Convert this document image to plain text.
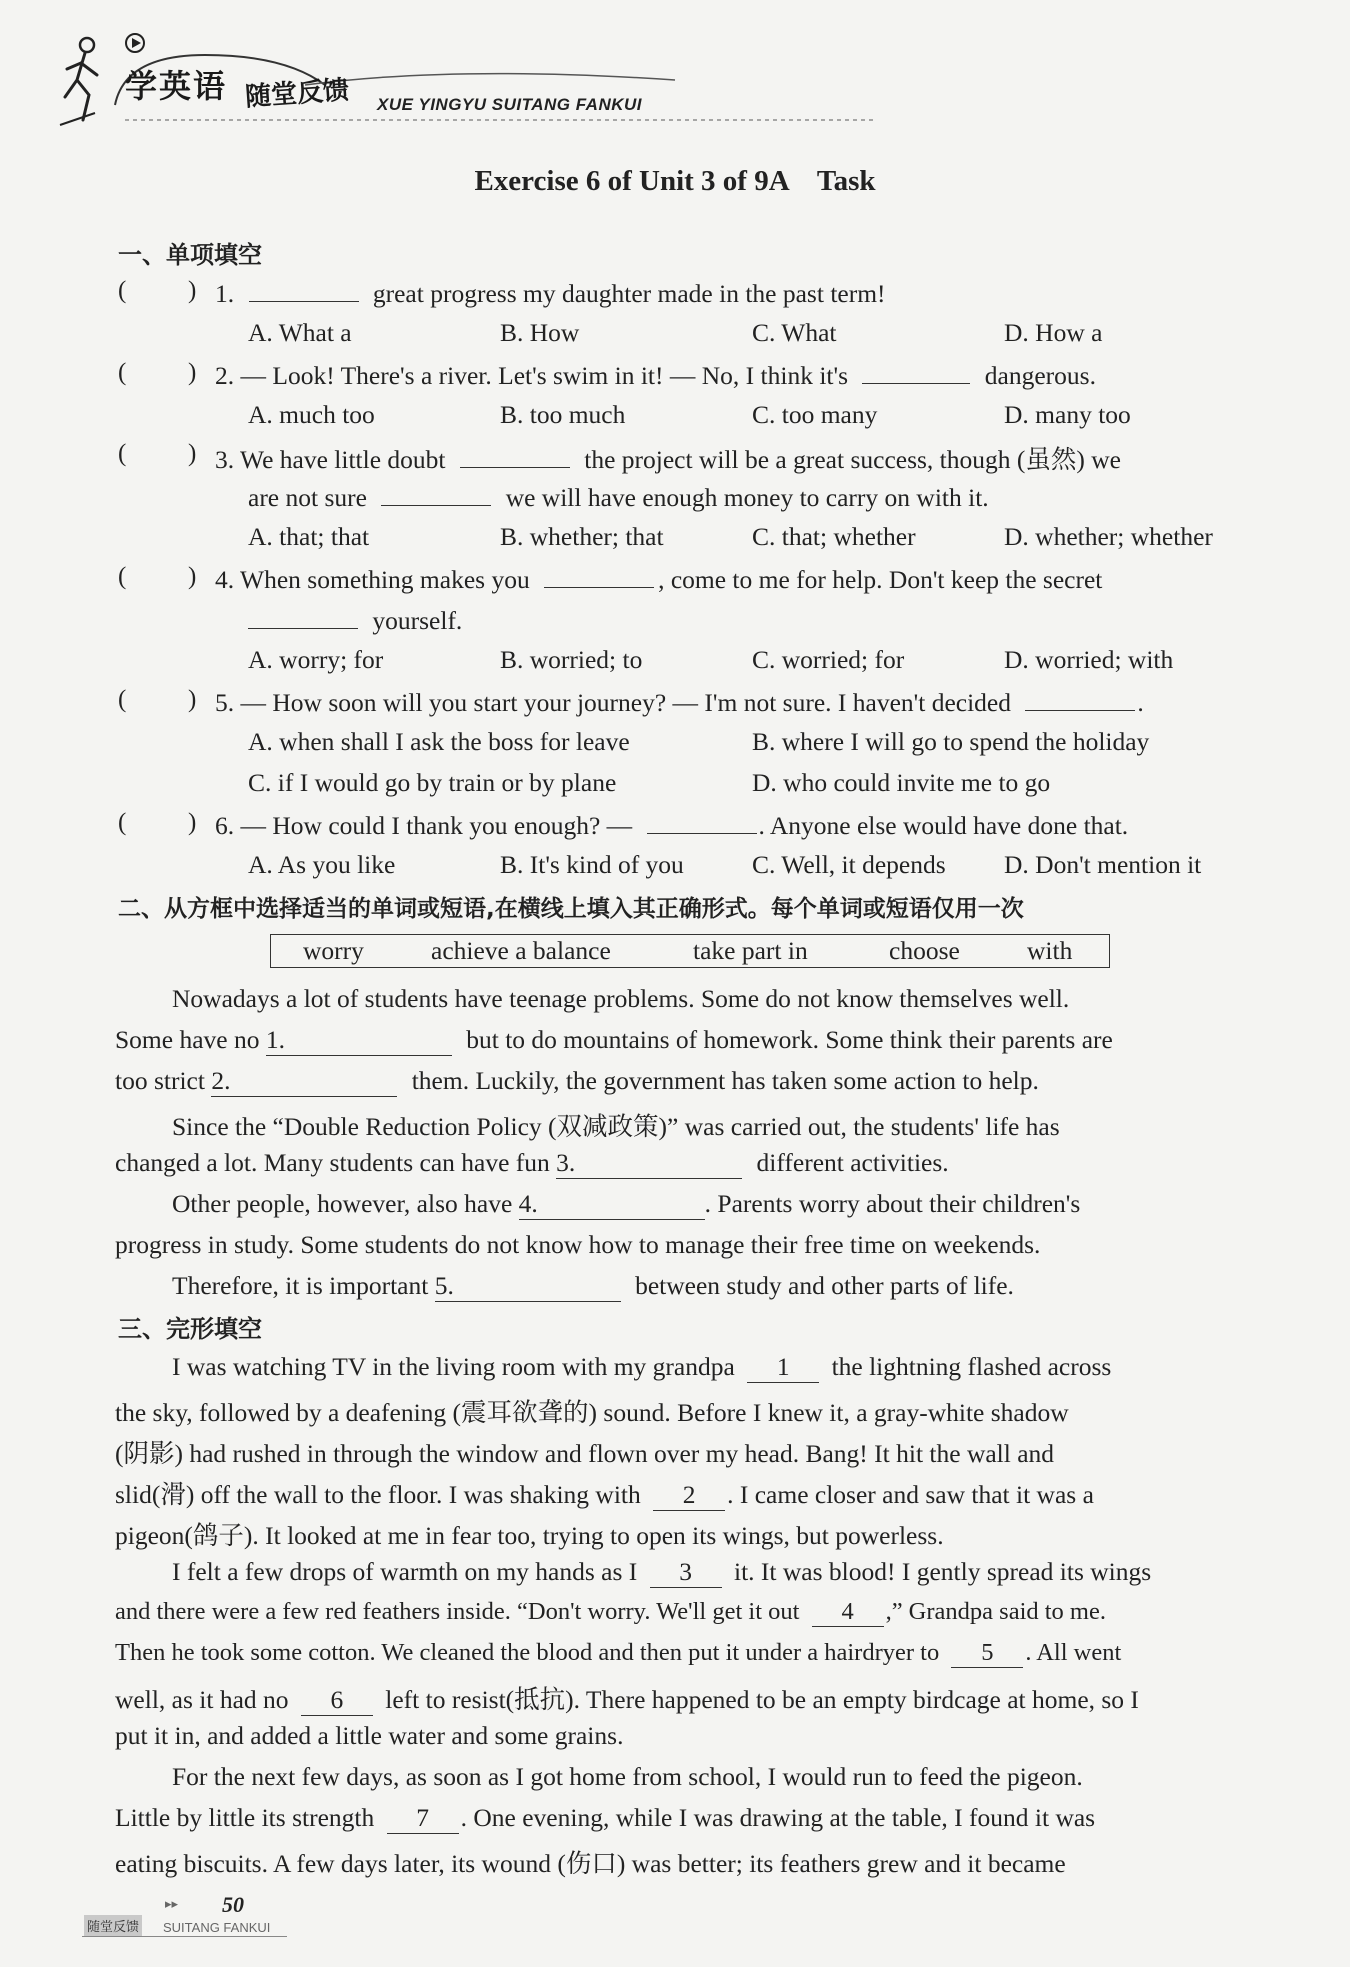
学英语 随堂反馈 XUE YINGYU SUITANG FANKUI
Exercise 6 of Unit 3 of 9A Task
一、单项填空
( ) 1.	great progress my daughter made in the past term!
A. What a	B. How	C. What	D. How a
( ) 2. — Look! There's a river. Let's swim in it! — No, I think it's	dangerous.
A. much too	B. too much	C. too many	D. many too
( ) 3. We have little doubt	the project will be a great success, though (虽然) we
are not sure	we will have enough money to carry on with it.
A. that; that	B. whether; that	C. that; whether	D. whether; whether
( ) 4. When something makes you	, come to me for help. Don't keep the secret
yourself.
A. worry; for	B. worried; to	C. worried; for	D. worried; with
( ) 5. — How soon will you start your journey? — I'm not sure. I haven't decided	.
A. when shall I ask the boss for leave	B. where I will go to spend the holiday
C. if I would go by train or by plane	D. who could invite me to go
( ) 6. — How could I thank you enough? —	. Anyone else would have done that.
A. As you like	B. It's kind of you	C. Well, it depends D. Don't mention it
二、从方框中选择适当的单词或短语,在横线上填入其正确形式。每个单词或短语仅用一次
worry	achieve a balance	take part in	choose	with
Nowadays a lot of students have teenage problems. Some do not know themselves well.
Some have no 1.	but to do mountains of homework. Some think their parents are
too strict 2.	them. Luckily, the government has taken some action to help.
Since the “Double Reduction Policy (双减政策)” was carried out, the students' life has
changed a lot. Many students can have fun 3.	different activities.
Other people, however, also have 4.	. Parents worry about their children's
progress in study. Some students do not know how to manage their free time on weekends.
Therefore, it is important 5.	between study and other parts of life.
三、完形填空
I was watching TV in the living room with my grandpa 1 the lightning flashed across
the sky, followed by a deafening (震耳欲聋的) sound. Before I knew it, a gray-white shadow
(阴影) had rushed in through the window and flown over my head. Bang! It hit the wall and
slid(滑) off the wall to the floor. I was shaking with 2 . I came closer and saw that it was a
pigeon(鸽子). It looked at me in fear too, trying to open its wings, but powerless.
I felt a few drops of warmth on my hands as I 3 it. It was blood! I gently spread its wings
and there were a few red feathers inside. “Don't worry. We'll get it out 4 ,” Grandpa said to me.
Then he took some cotton. We cleaned the blood and then put it under a hairdryer to 5 . All went
well, as it had no 6 left to resist(抵抗). There happened to be an empty birdcage at home, so I
put it in, and added a little water and some grains.
For the next few days, as soon as I got home from school, I would run to feed the pigeon.
Little by little its strength 7 . One evening, while I was drawing at the table, I found it was
eating biscuits. A few days later, its wound (伤口) was better; its feathers grew and it became
▸▸ 50
随堂反馈 SUITANG FANKUI
